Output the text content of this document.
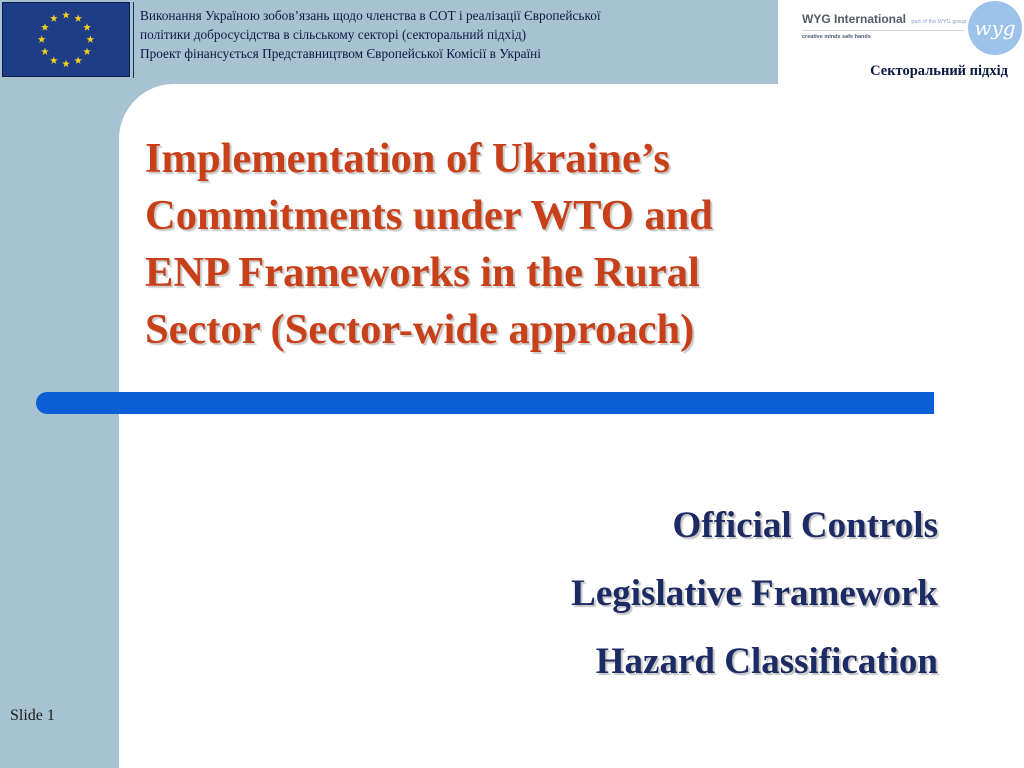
Виконання Україною зобов’язань щодо членства в СОТ і реалізації Європейської
політики добросусідства в сільському секторі (секторальний підхід)
Проект фінансується Представництвом Європейської Комісії в Україні
WYG International part of the WYG group
creative minds safe hands	wyg
Секторальний підхід
Implementation of Ukraine’s
Commitments under WTO and
ENP Frameworks in the Rural
Sector (Sector-wide approach)
Official Controls
Legislative Framework
Hazard Classification
Slide 1
